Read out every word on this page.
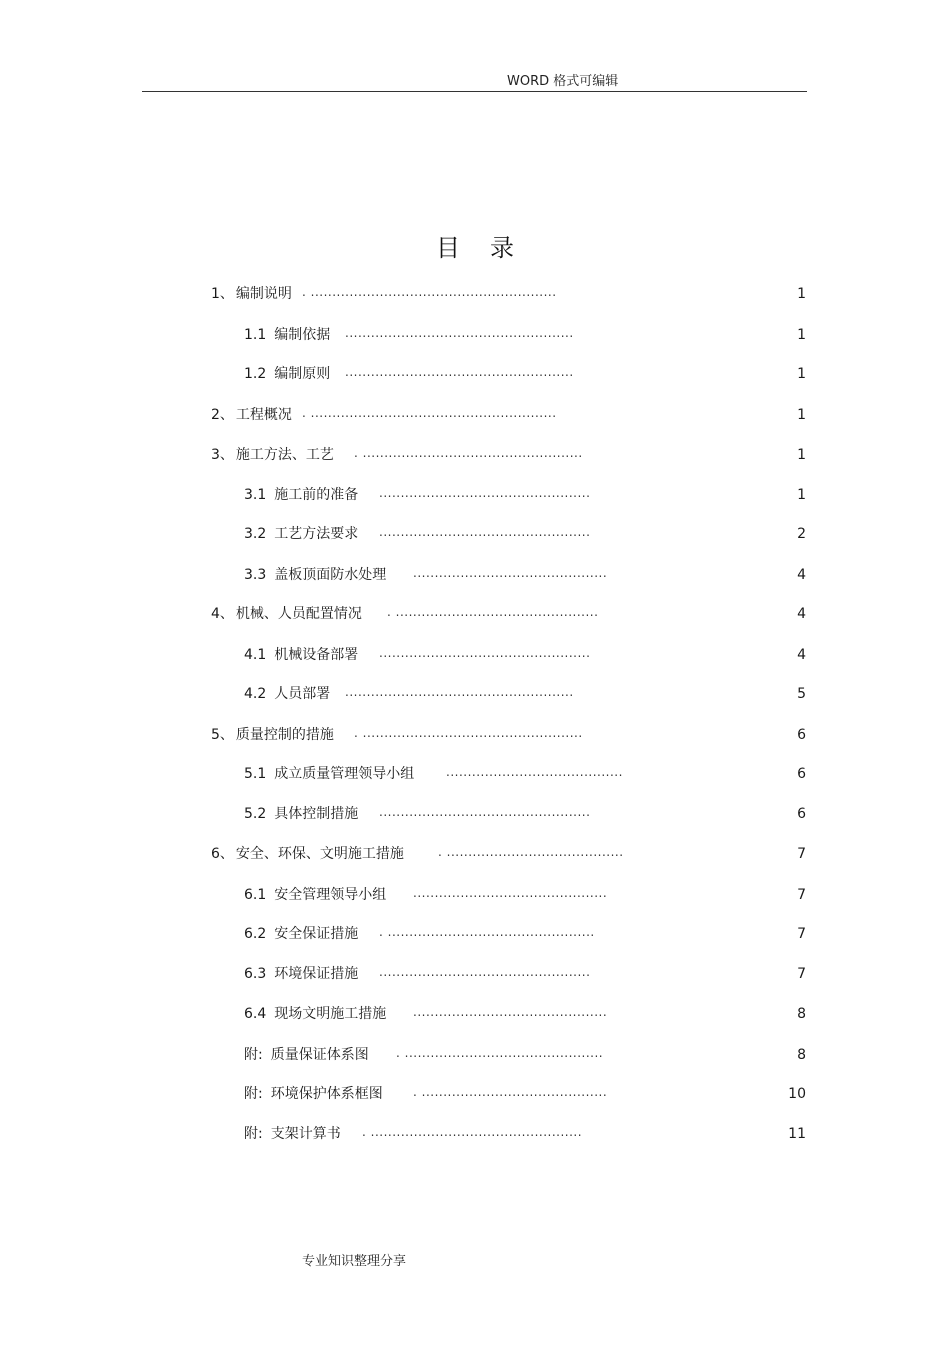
WORD 格式可编辑
目录
1、 编制说明 . .........................................................	1
1.1 编制依据 .....................................................	1
1.2 编制原则 .....................................................	1
2、 工程概况 . .........................................................	1
3、 施工方法、工艺 . ...................................................	1
3.1 施工前的准备 .................................................	1
3.2 工艺方法要求 .................................................	2
3.3 盖板顶面防水处理 .............................................	4
4、 机械、人员配置情况 . ...............................................	4
4.1 机械设备部署 .................................................	4
4.2 人员部署 .....................................................	5
5、 质量控制的措施 . ...................................................	6
5.1 成立质量管理领导小组	.........................................	6
5.2 具体控制措施 .................................................	6
6、 安全、环保、文明施工措施	. .........................................	7
6.1 安全管理领导小组 .............................................	7
6.2安全保证措施 . ................................................	7
6.3 环境保证措施 .................................................	7
6.4 现场文明施工措施 .............................................	8
附: 质量保证体系图 . ..............................................	8
附: 环境保护体系框图	. ...........................................	10
附: 支架计算书 . .................................................	11
专业知识整理分享
